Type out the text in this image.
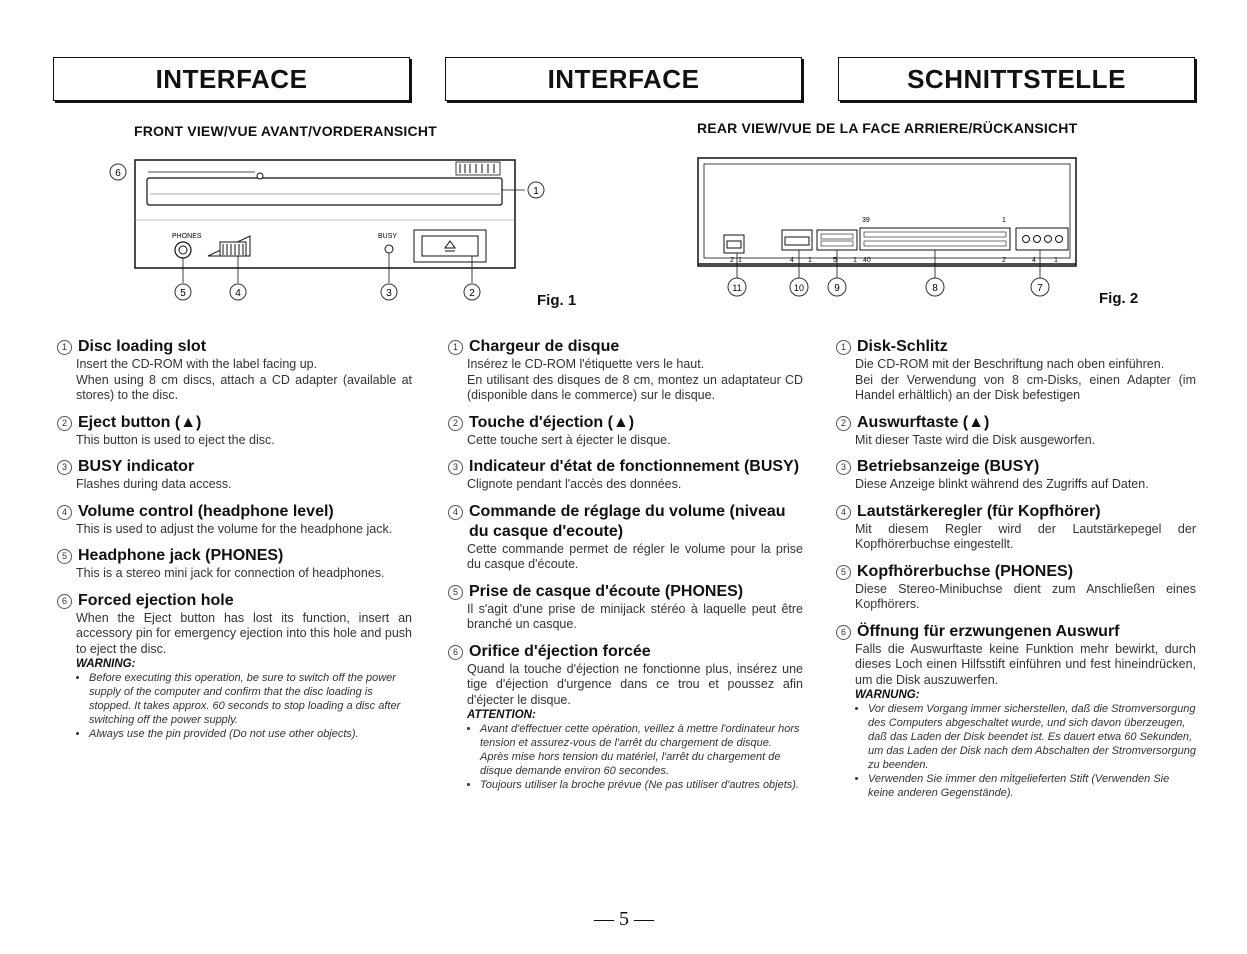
INTERFACE	INTERFACE	SCHNITTSTELLE
FRONT VIEW/VUE AVANT/VORDERANSICHT	REAR VIEW/VUE DE LA FACE ARRIERE/RÜCKANSICHT
6
1
PHONES	BUSY
5	4	3	2	Fig. 1
39	1
2 1	4 1	5 1 40	2	4	1
11	10	9	8	7
Fig. 2
1 Disc loading slot

Insert the CD-ROM with the label facing up.

When using 8 cm discs, attach a CD adapter (available at stores) to the disc.

2 Eject button (▲)

This button is used to eject the disc.

3 BUSY indicator

Flashes during data access.

4 Volume control (headphone level)

This is used to adjust the volume for the headphone jack.

5 Headphone jack (PHONES)

This is a stereo mini jack for connection of headphones.

6 Forced ejection hole

When the Eject button has lost its function, insert an accessory pin for emergency ejection into this hole and push to eject the disc.

WARNING:
• Before executing this operation, be sure to switch off the power supply of the computer and confirm that the disc loading is stopped. It takes approx. 60 seconds to stop loading a disc after switching off the power supply.
• Always use the pin provided (Do not use other objects).
1 Chargeur de disque

Insérez le CD-ROM l'étiquette vers le haut.

En utilisant des disques de 8 cm, montez un adaptateur CD (disponible dans le commerce) sur le disque.

2 Touche d'éjection (▲)

Cette touche sert à éjecter le disque.

3 Indicateur d'état de fonctionnement (BUSY)

Clignote pendant l'accès des données.

4 Commande de réglage du volume (niveau du casque d'ecoute)

Cette commande permet de régler le volume pour la prise du casque d'écoute.

5 Prise de casque d'écoute (PHONES)

Il s'agit d'une prise de minijack stéréo à laquelle peut être branché un casque.

6 Orifice d'éjection forcée

Quand la touche d'éjection ne fonctionne plus, insérez une tige d'éjection d'urgence dans ce trou et poussez afin d'éjecter le disque.

ATTENTION:
• Avant d'effectuer cette opération, veillez à mettre l'ordinateur hors tension et assurez-vous de l'arrêt du chargement de disque. Après mise hors tension du matériel, l'arrêt du chargement de disque demande environ 60 secondes.
• Toujours utiliser la broche prévue (Ne pas utiliser d'autres objets).
1 Disk-Schlitz

Die CD-ROM mit der Beschriftung nach oben einführen.

Bei der Verwendung von 8 cm-Disks, einen Adapter (im Handel erhältlich) an der Disk befestigen

2 Auswurftaste (▲)

Mit dieser Taste wird die Disk ausgeworfen.

3 Betriebsanzeige (BUSY)

Diese Anzeige blinkt während des Zugriffs auf Daten.

4 Lautstärkeregler (für Kopfhörer)

Mit diesem Regler wird der Lautstärkepegel der Kopfhörerbuchse eingestellt.

5 Kopfhörerbuchse (PHONES)

Diese Stereo-Minibuchse dient zum Anschließen eines Kopfhörers.

6 Öffnung für erzwungenen Auswurf

Falls die Auswurftaste keine Funktion mehr bewirkt, durch dieses Loch einen Hilfsstift einführen und fest hineindrücken, um die Disk auszuwerfen.

WARNUNG:
• Vor diesem Vorgang immer sicherstellen, daß die Stromversorgung des Computers abgeschaltet wurde, und sich davon überzeugen, daß das Laden der Disk beendet ist. Es dauert etwa 60 Sekunden, um das Laden der Disk nach dem Abschalten der Stromversorgung zu beenden.
• Verwenden Sie immer den mitgelieferten Stift (Verwenden Sie keine anderen Gegenstände).
— 5 —
